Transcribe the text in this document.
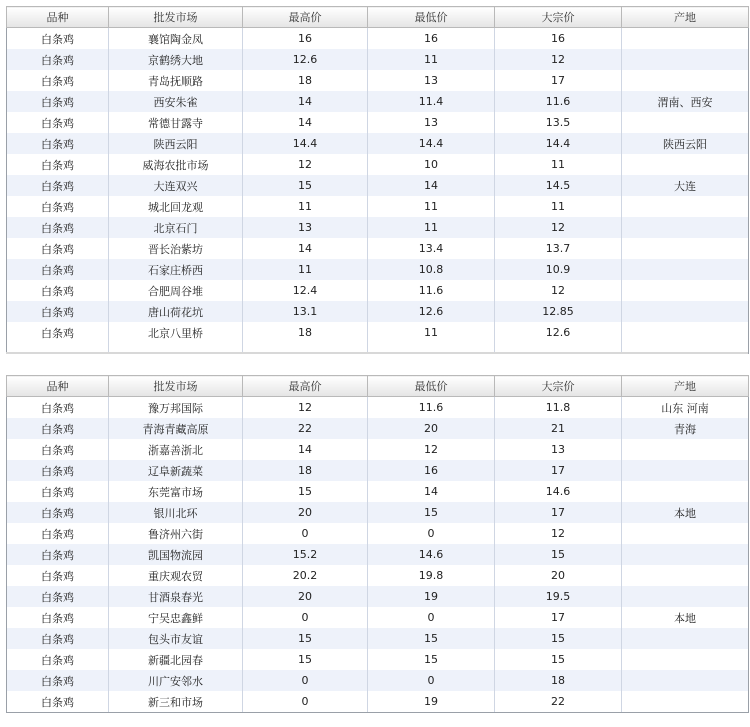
品种	批发市场	最高价	最低价	大宗价	产地
白条鸡	襄馆陶金凤	16	16	16	
白条鸡	京鹤绣大地	12.6	11	12	
白条鸡	青岛抚顺路	18	13	17	
白条鸡	西安朱雀	14	11.4	11.6	渭南、西安
白条鸡	常德甘露寺	14	13	13.5	
白条鸡	陕西云阳	14.4	14.4	14.4	陕西云阳
白条鸡	威海农批市场	12	10	11	
白条鸡	大连双兴	15	14	14.5	大连
白条鸡	城北回龙观	11	11	11	
白条鸡	北京石门	13	11	12	
白条鸡	晋长治紫坊	14	13.4	13.7	
白条鸡	石家庄桥西	11	10.8	10.9	
白条鸡	合肥周谷堆	12.4	11.6	12	
白条鸡	唐山荷花坑	13.1	12.6	12.85	
白条鸡	北京八里桥	18	11	12.6	

品种	批发市场	最高价	最低价	大宗价	产地
白条鸡	豫万邦国际	12	11.6	11.8	山东 河南
白条鸡	青海青藏高原	22	20	21	青海
白条鸡	浙嘉善浙北	14	12	13	
白条鸡	辽阜新蔬菜	18	16	17	
白条鸡	东莞富市场	15	14	14.6	
白条鸡	银川北环	20	15	17	本地
白条鸡	鲁济州六街	0	0	12	
白条鸡	凯国物流园	15.2	14.6	15	
白条鸡	重庆观农贸	20.2	19.8	20	
白条鸡	甘酒泉春光	20	19	19.5	
白条鸡	宁吴忠鑫鲜	0	0	17	本地
白条鸡	包头市友谊	15	15	15	
白条鸡	新疆北园春	15	15	15	
白条鸡	川广安邻水	0	0	18	
白条鸡	新三和市场	0	19	22	
